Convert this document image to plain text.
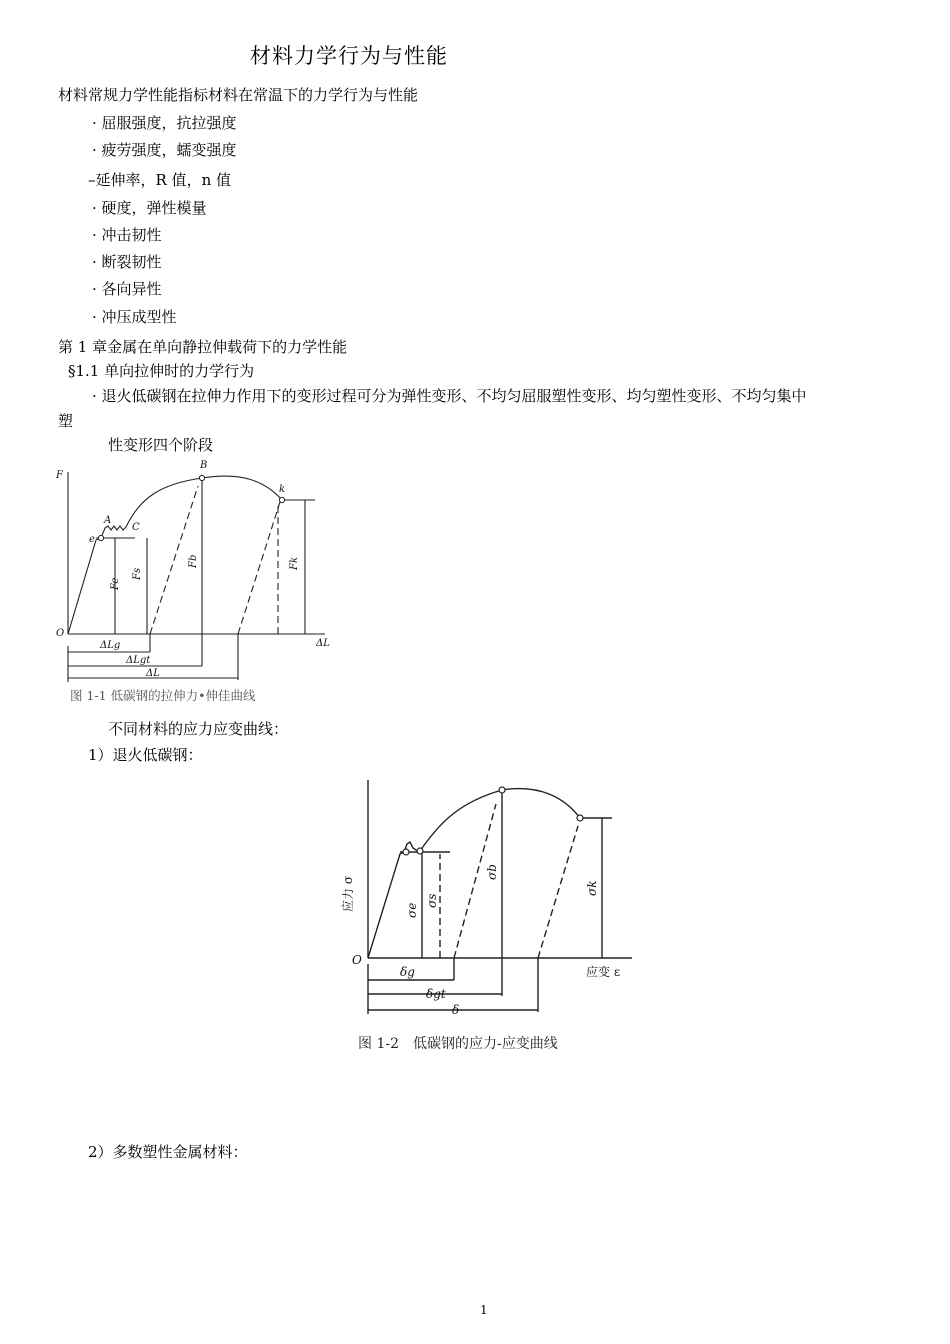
材料力学行为与性能
材料常规力学性能指标材料在常温下的力学行为与性能
· 屈服强度，抗拉强度
· 疲劳强度，蠕变强度
–延伸率，R 值，n 值
· 硬度，弹性模量
· 冲击韧性
· 断裂韧性
· 各向异性
· 冲压成型性
第 1 章金属在单向静拉伸载荷下的力学性能
§1.1 单向拉伸时的力学行为
· 退火低碳钢在拉伸力作用下的变形过程可分为弹性变形、不均匀屈服塑性变形、均匀塑性变形、不均匀集中
塑
性变形四个阶段
F
A
B
C
e
k
O
ΔL
Fe
Fs
Fb	Fk
ΔLg
ΔLgt
ΔL
图 1-1 低碳钢的拉伸力•伸佳曲线
不同材料的应力应变曲线：
1）退火低碳钢：
应力 σ
应变 ε
O
σe
σs
σb
σk
δg
δgt
δ
图 1-2　低碳钢的应力-应变曲线
2）多数塑性金属材料：
1
